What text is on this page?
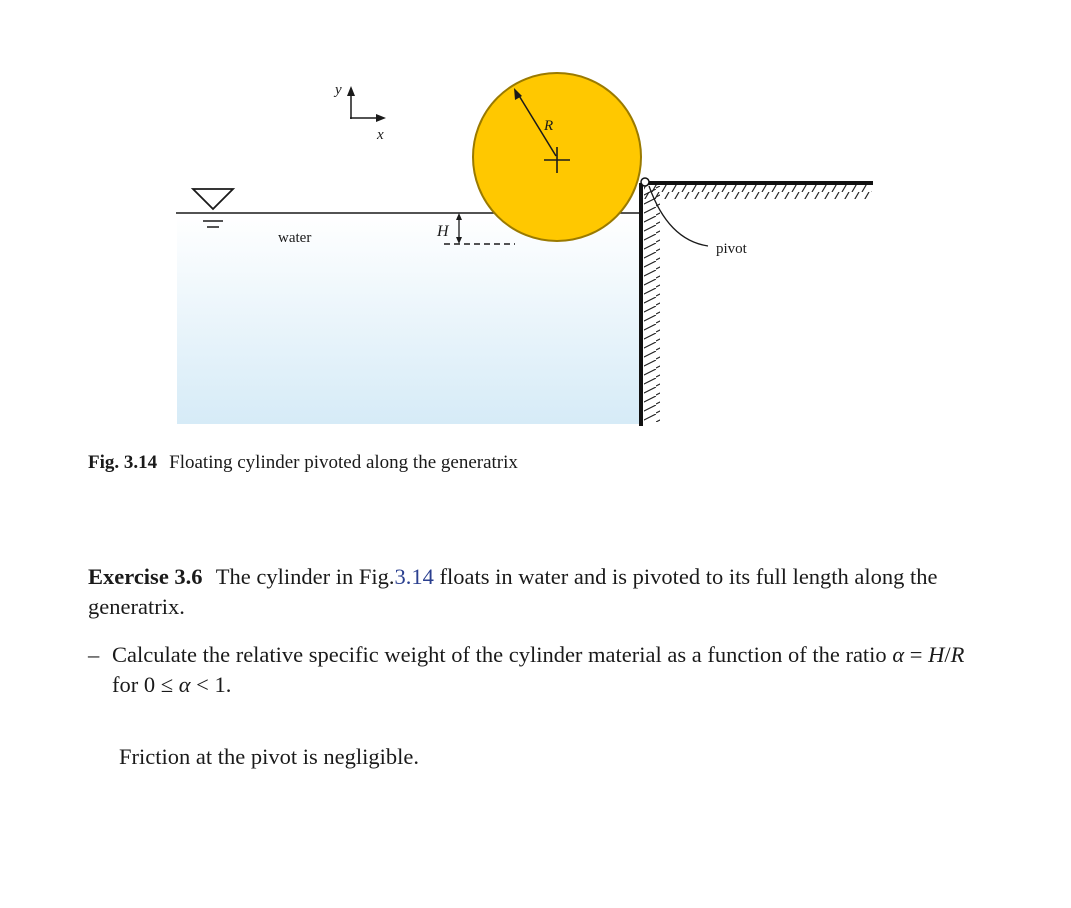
y
x
R
H
water
pivot
Fig. 3.14 Floating cylinder pivoted along the generatrix
Exercise 3.6 The cylinder in Fig.3.14 floats in water and is pivoted to its full length along the generatrix.
– Calculate the relative specific weight of the cylinder material as a function of the ratio α = H/R for 0 ≤ α < 1.
Friction at the pivot is negligible.
